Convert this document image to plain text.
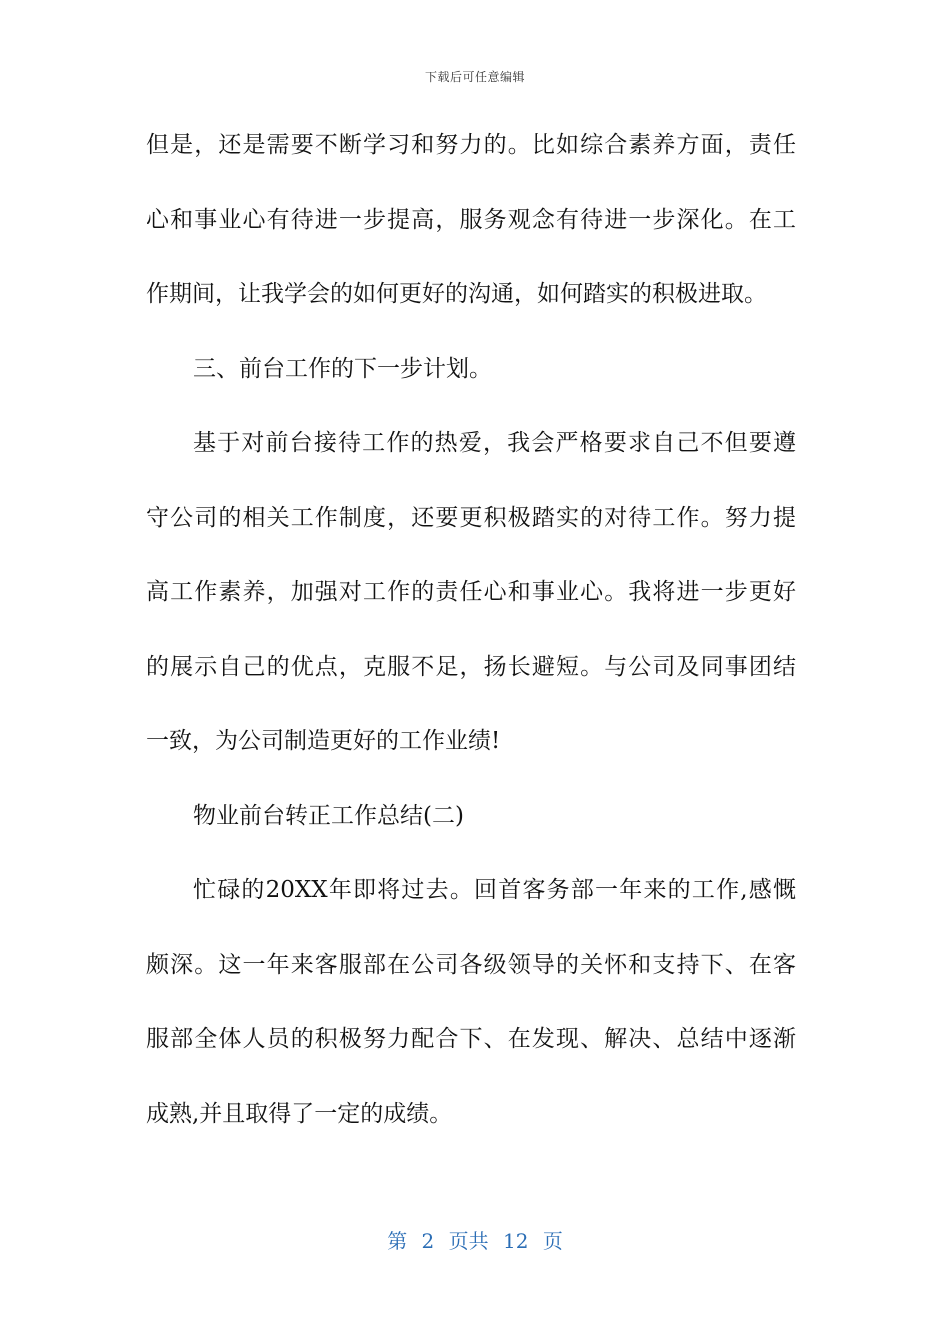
下载后可任意编辑
但是，还是需要不断学习和努力的。比如综合素养方面，责任
心和事业心有待进一步提高，服务观念有待进一步深化。在工
作期间，让我学会的如何更好的沟通，如何踏实的积极进取。
三、前台工作的下一步计划。
基于对前台接待工作的热爱，我会严格要求自己不但要遵
守公司的相关工作制度，还要更积极踏实的对待工作。努力提
高工作素养，加强对工作的责任心和事业心。我将进一步更好
的展示自己的优点，克服不足，扬长避短。与公司及同事团结
一致，为公司制造更好的工作业绩!
物业前台转正工作总结(二)
忙碌的20XX年即将过去。回首客务部一年来的工作,感慨
颇深。这一年来客服部在公司各级领导的关怀和支持下、在客
服部全体人员的积极努力配合下、在发现、解决、总结中逐渐
成熟,并且取得了一定的成绩。
第 2 页共 12 页
